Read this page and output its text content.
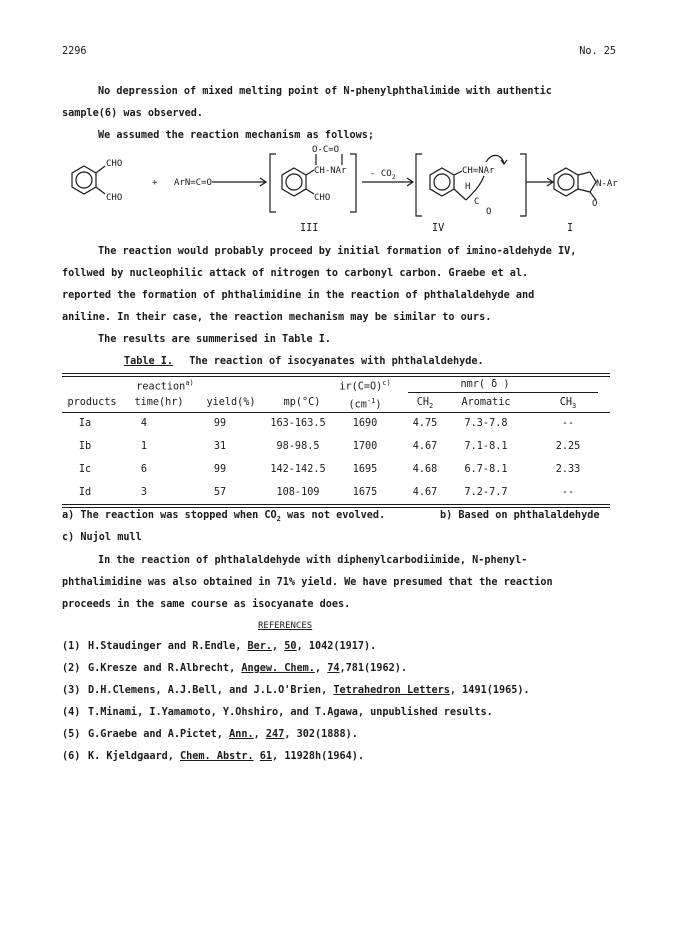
2296	No. 25
No depression of mixed melting point of N-phenylphthalimide with authentic
sample(6) was observed.
We assumed the reaction mechanism as follows;
CHO
CHO
+ ArN=C=O
O-C=O
CH-NAr
CHO
- $CO_2$
CH=NAr
H
C
O
N-Ar
O
III	IV	I
The reaction would probably proceed by initial formation of imino-aldehyde IV,
follwed by nucleophilic attack of nitrogen to carbonyl carbon. Graebe et al.
reported the formation of phthalimidine in the reaction of phthalaldehyde and
aniline. In their case, the reaction mechanism may be similar to ours.
The results are summerised in Table I.
Table I. The reaction of isocyanates with phthalaldehyde.
reaction$^{a)}$	ir(C=O)$^{c)}$	nmr( δ )
products	time(hr)	yield(%)	mp(°C)	$(cm^{-1})$	$CH_2$	Aromatic	$CH_3$
Ia	4	99	163-163.5	1690	4.75	7.3-7.8	--
Ib	1	31	98-98.5	1700	4.67	7.1-8.1	2.25
Ic	6	99	142-142.5	1695	4.68	6.7-8.1	2.33
Id	3	57	108-109	1675	4.67	7.2-7.7	--
a) The reaction was stopped when $CO_2$ was not evolved.	b) Based on phthalaldehyde
c) Nujol mull
In the reaction of phthalaldehyde with diphenylcarbodiimide, N-phenyl-
phthalimidine was also obtained in 71% yield. We have presumed that the reaction
proceeds in the same course as isocyanate does.
REFERENCES
(1) H.Staudinger and R.Endle, Ber., 50, 1042(1917).
(2) G.Kresze and R.Albrecht, Angew. Chem., 74,781(1962).
(3) D.H.Clemens, A.J.Bell, and J.L.O'Brien, Tetrahedron Letters, 1491(1965).
(4) T.Minami, I.Yamamoto, Y.Ohshiro, and T.Agawa, unpublished results.
(5) G.Graebe and A.Pictet, Ann., 247, 302(1888).
(6) K. Kjeldgaard, Chem. Abstr. 61, 11928h(1964).
